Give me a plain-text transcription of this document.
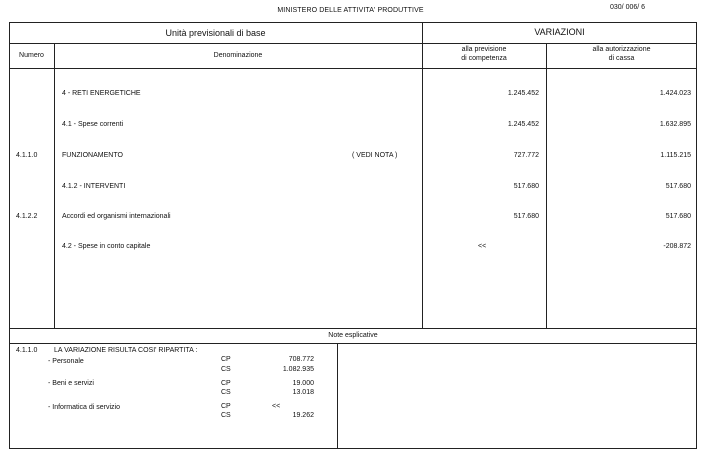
MINISTERO DELLE ATTIVITA' PRODUTTIVE	030/ 006/ 6
Unità previsionali di base	VARIAZIONI
Numero	Denominazione
alla previsione
di competenza
alla autorizzazione
di cassa
4 - RETI ENERGETICHE	1.245.452	1.424.023
4.1 - Spese correnti	1.245.452	1.632.895
4.1.1.0	FUNZIONAMENTO	( VEDI NOTA )	727.772	1.115.215
4.1.2 - INTERVENTI	517.680	517.680
4.1.2.2	Accordi ed organismi internazionali	517.680	517.680
4.2 - Spese in conto capitale	<<	-208.872
Note esplicative
4.1.1.0 LA VARIAZIONE RISULTA COSI' RIPARTITA :
- Personale	CP	708.772
CS	1.082.935
- Beni e servizi	CP	19.000
CS	13.018
- Informatica di servizio	CP	<<
CS	19.262
